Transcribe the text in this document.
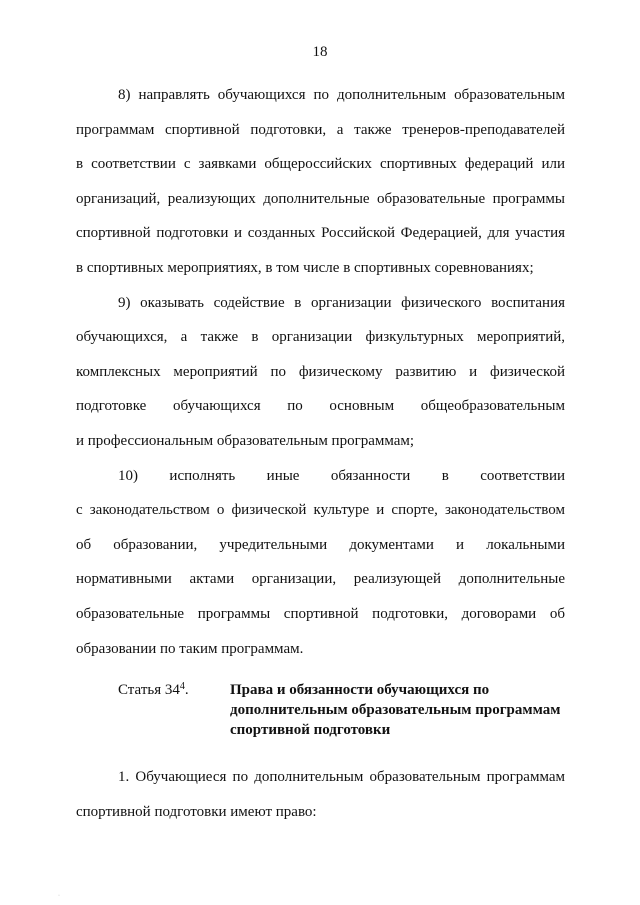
18

8) направлять обучающихся по дополнительным образовательным

программам спортивной подготовки, а также тренеров-преподавателей

в соответствии с заявками общероссийских спортивных федераций или

организаций, реализующих дополнительные образовательные программы

спортивной подготовки и созданных Российской Федерацией, для участия

в спортивных мероприятиях, в том числе в спортивных соревнованиях;

9) оказывать содействие в организации физического воспитания

обучающихся, а также в организации физкультурных мероприятий,

комплексных мероприятий по физическому развитию и физической

подготовке обучающихся по основным общеобразовательным

и профессиональным образовательным программам;

10) исполнять иные обязанности в соответствии

с законодательством о физической культуре и спорте, законодательством

об образовании, учредительными документами и локальными

нормативными актами организации, реализующей дополнительные

образовательные программы спортивной подготовки, договорами об

образовании по таким программам.

Статья $34^4$.	Права и обязанности обучающихся по
дополнительным образовательным программам
спортивной подготовки

1. Обучающиеся по дополнительным образовательным программам

спортивной подготовки имеют право:

·
